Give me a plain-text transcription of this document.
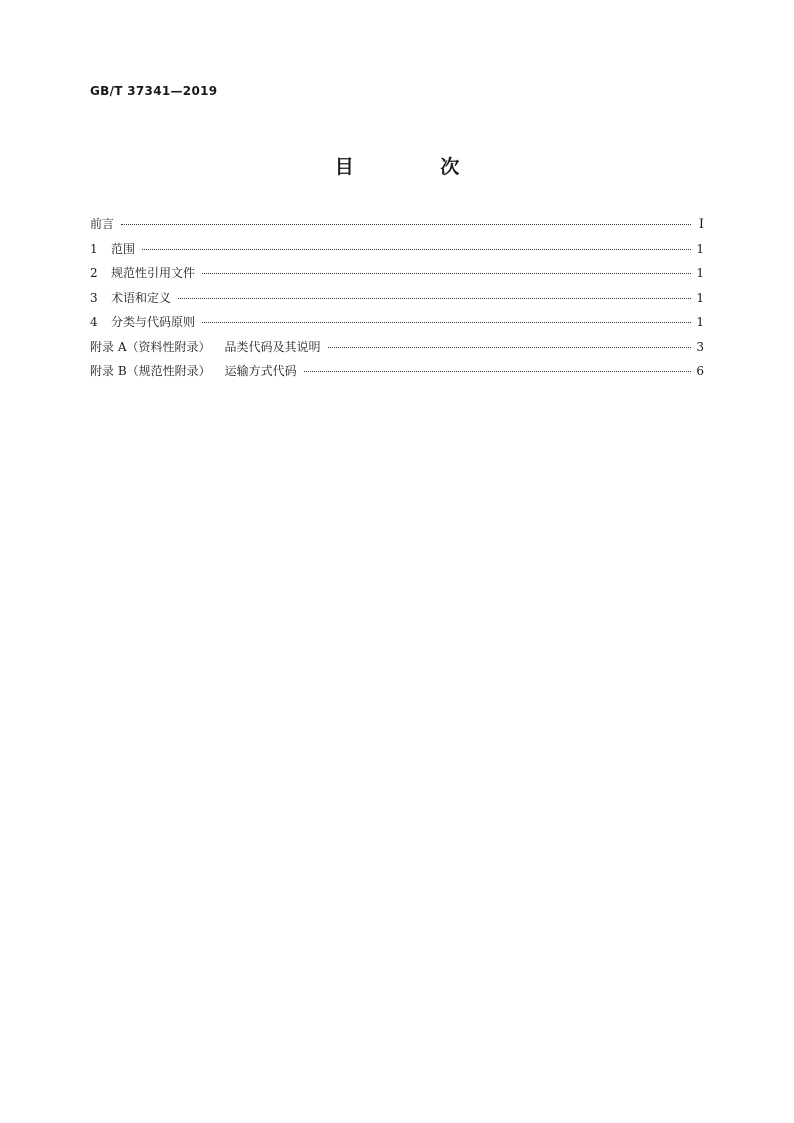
GB/T 37341—2019
目 次
前言	Ⅰ
1	范围	1
2	规范性引用文件	1
3	术语和定义	1
4	分类与代码原则	1
附录 A（资料性附录） 品类代码及其说明	3
附录 B（规范性附录） 运输方式代码	6
